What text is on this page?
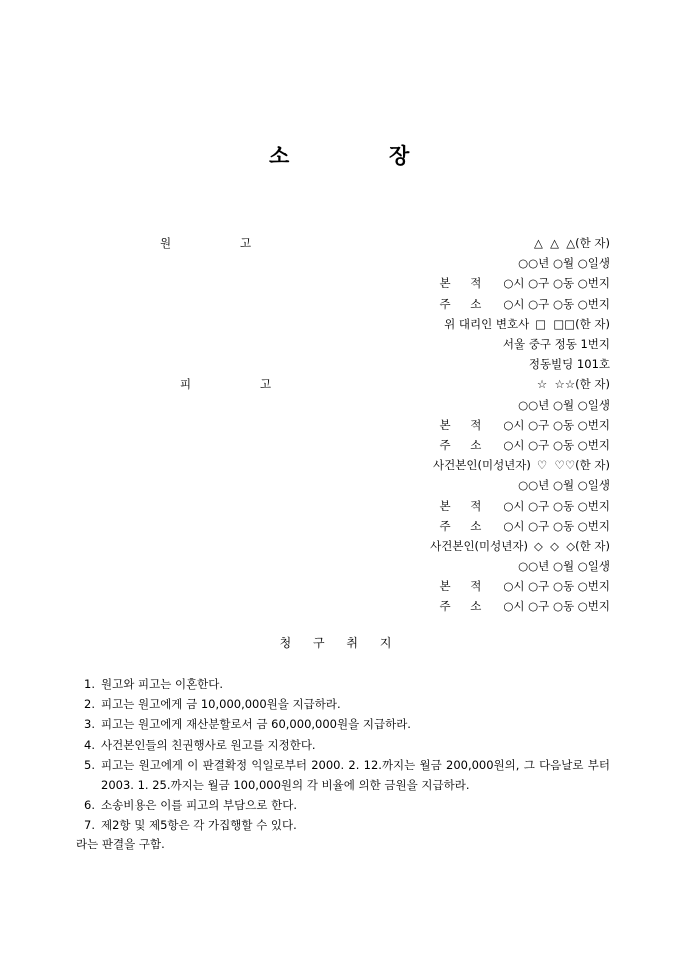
소	장
원	고	△  △  △(한 자)
○○년 ○월 ○일생
본 적 ○시 ○구 ○동 ○번지
주 소 ○시 ○구 ○동 ○번지
위 대리인 변호사 □  □□(한 자)
서울 중구 정동 1번지
정동빌딩 101호
피	고	☆  ☆☆(한 자)
○○년 ○월 ○일생
본 적 ○시 ○구 ○동 ○번지
주 소 ○시 ○구 ○동 ○번지
사건본인(미성년자) ♡  ♡♡(한 자)
○○년 ○월 ○일생
본 적 ○시 ○구 ○동 ○번지
주 소 ○시 ○구 ○동 ○번지
사건본인(미성년자) ◇  ◇  ◇(한 자)
○○년 ○월 ○일생
본 적 ○시 ○구 ○동 ○번지
주 소 ○시 ○구 ○동 ○번지
청 구 취 지
1. 원고와 피고는 이혼한다.
2. 피고는 원고에게 금 10,000,000원을 지급하라.
3. 피고는 원고에게 재산분할로서 금 60,000,000원을 지급하라.
4. 사건본인들의 친권행사로 원고를 지정한다.
5. 피고는 원고에게 이 판결확정 익일로부터 2000. 2. 12.까지는 월금 200,000원의, 그 다음날로 부터 2003. 1. 25.까지는 월금 100,000원의 각 비율에 의한 금원을 지급하라.
6. 소송비용은 이를 피고의 부담으로 한다.
7. 제2항 및 제5항은 각 가집행할 수 있다.
라는 판결을 구함.
